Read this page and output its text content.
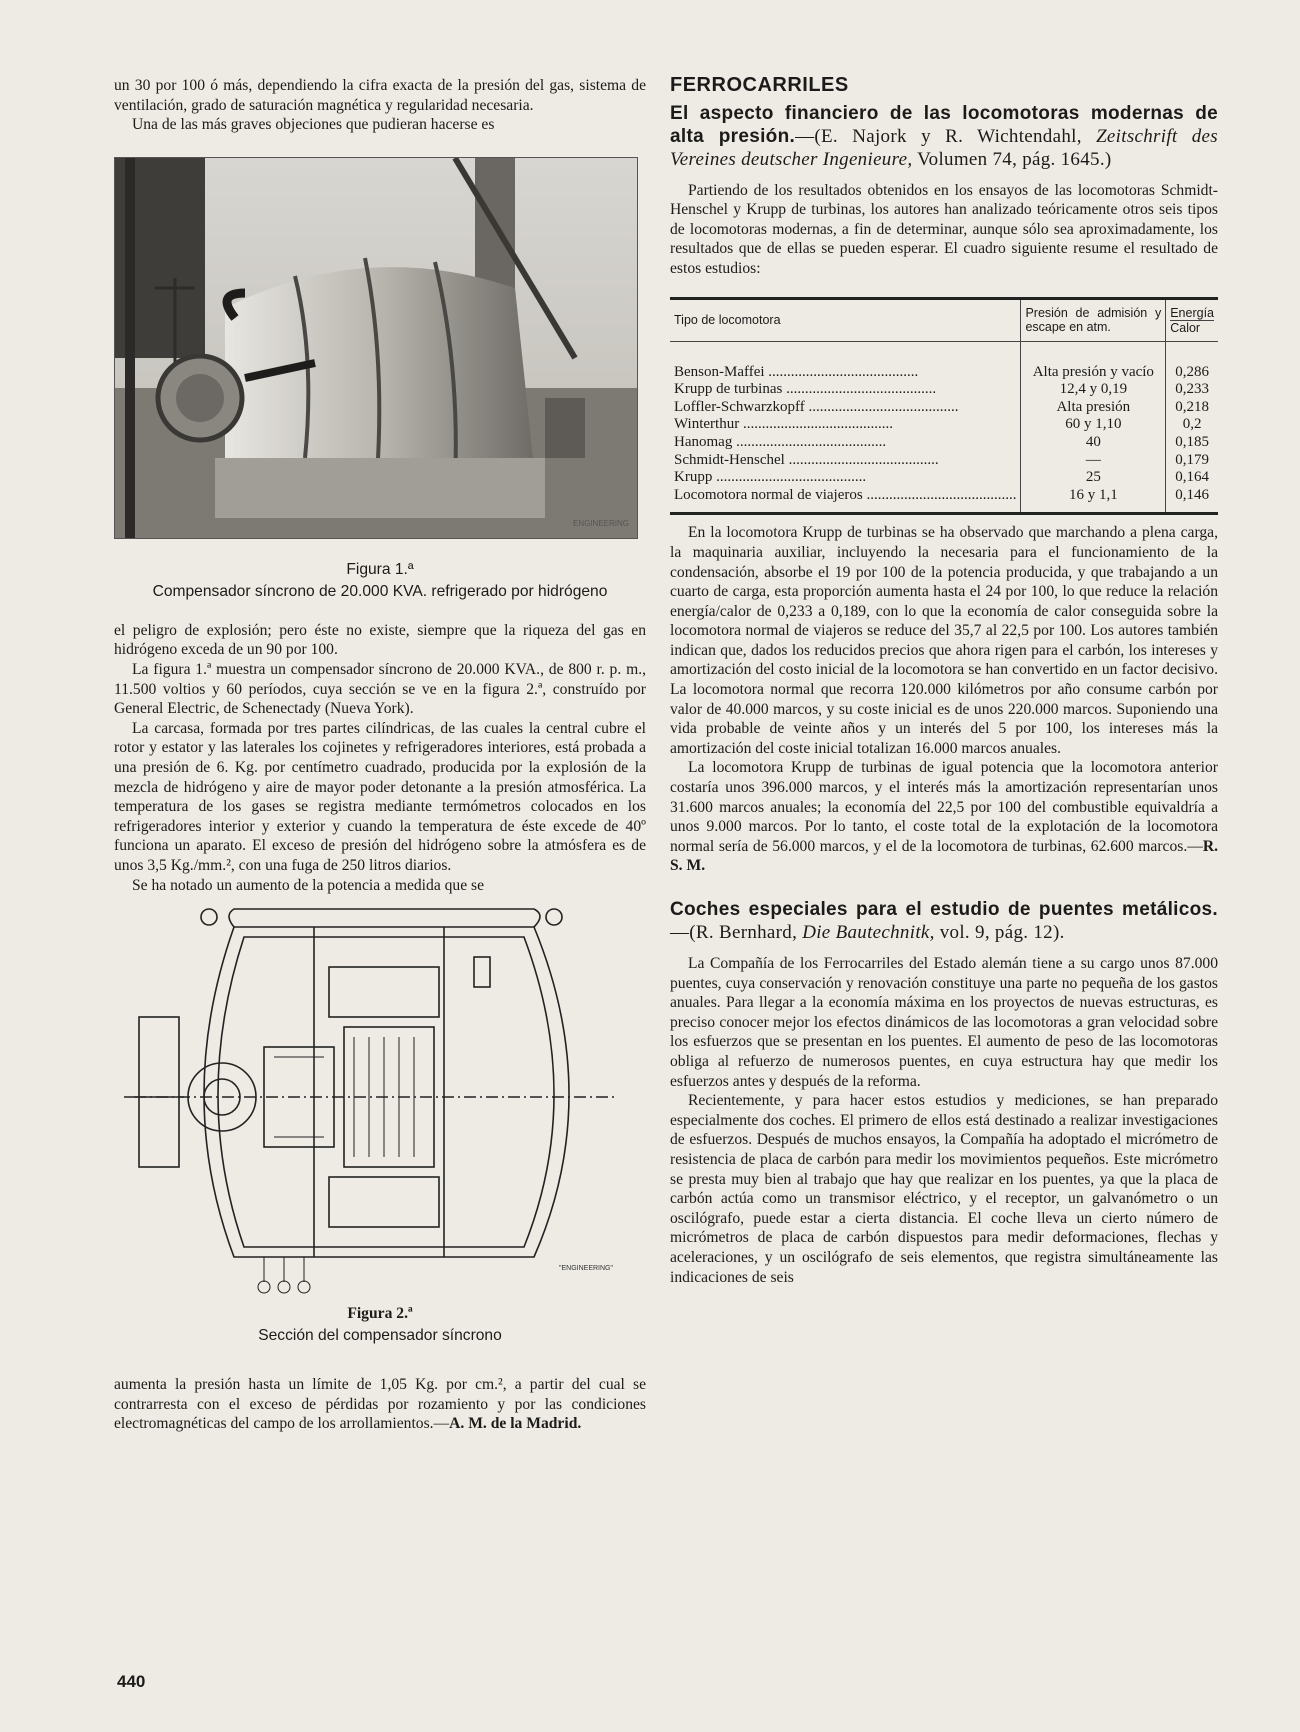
un 30 por 100 ó más, dependiendo la cifra exacta de la presión del gas, sistema de ventilación, grado de saturación magnética y regularidad necesaria.

Una de las más graves objeciones que pudieran hacerse es

ENGINEERING
Figura 1.ª
Compensador síncrono de 20.000 KVA. refrigerado por hidrógeno

el peligro de explosión; pero éste no existe, siempre que la riqueza del gas en hidrógeno exceda de un 90 por 100.

La figura 1.ª muestra un compensador síncrono de 20.000 KVA., de 800 r. p. m., 11.500 voltios y 60 períodos, cuya sección se ve en la figura 2.ª, construído por General Electric, de Schenectady (Nueva York).

La carcasa, formada por tres partes cilíndricas, de las cuales la central cubre el rotor y estator y las laterales los cojinetes y refrigeradores interiores, está probada a una presión de 6. Kg. por centímetro cuadrado, producida por la explosión de la mezcla de hidrógeno y aire de mayor poder detonante a la presión atmosférica. La temperatura de los gases se registra mediante termómetros colocados en los refrigeradores interior y exterior y cuando la temperatura de éste excede de 40º funciona un aparato. El exceso de presión del hidrógeno sobre la atmósfera es de unos 3,5 Kg./mm.², con una fuga de 250 litros diarios.

Se ha notado un aumento de la potencia a medida que se

"ENGINEERING"
Figura 2.ª
Sección del compensador síncrono

aumenta la presión hasta un límite de 1,05 Kg. por cm.², a partir del cual se contrarresta con el exceso de pérdidas por rozamiento y por las condiciones electromagnéticas del campo de los arrollamientos.—A. M. de la Madrid.

FERROCARRILES

El aspecto financiero de las locomotoras modernas de alta presión.—(E. Najork y R. Wichtendahl, Zeitschrift des Vereines deutscher Ingenieure, Volumen 74, pág. 1645.)

Partiendo de los resultados obtenidos en los ensayos de las locomotoras Schmidt-Henschel y Krupp de turbinas, los autores han analizado teóricamente otros seis tipos de locomotoras modernas, a fin de determinar, aunque sólo sea aproximadamente, los resultados que de ellas se pueden esperar. El cuadro siguiente resume el resultado de estos estudios:

Tipo de locomotora	Presión de admisión y escape en atm.	Energía
Calor

Benson-Maffei ........................................	Alta presión y vacío	0,286

Krupp de turbinas ........................................	12,4 y 0,19	0,233

Loffler-Schwarzkopff ........................................	Alta presión	0,218

Winterthur ........................................	60 y 1,10	0,2

Hanomag ........................................	40	0,185

Schmidt-Henschel ........................................	—	0,179

Krupp ........................................	25	0,164

Locomotora normal de viajeros ........................................	16 y 1,1	0,146

En la locomotora Krupp de turbinas se ha observado que marchando a plena carga, la maquinaria auxiliar, incluyendo la necesaria para el funcionamiento de la condensación, absorbe el 19 por 100 de la potencia producida, y que trabajando a un cuarto de carga, esta proporción aumenta hasta el 24 por 100, lo que reduce la relación energía/calor de 0,233 a 0,189, con lo que la economía de calor conseguida sobre la locomotora normal de viajeros se reduce del 35,7 al 22,5 por 100. Los autores también indican que, dados los reducidos precios que ahora rigen para el carbón, los intereses y amortización del costo inicial de la locomotora se han convertido en un factor decisivo. La locomotora normal que recorra 120.000 kilómetros por año consume carbón por valor de 40.000 marcos, y su coste inicial es de unos 220.000 marcos. Suponiendo una vida probable de veinte años y un interés del 5 por 100, los intereses más la amortización del coste inicial totalizan 16.000 marcos anuales.

La locomotora Krupp de turbinas de igual potencia que la locomotora anterior costaría unos 396.000 marcos, y el interés más la amortización representarían unos 31.600 marcos anuales; la economía del 22,5 por 100 del combustible equivaldría a unos 9.000 marcos. Por lo tanto, el coste total de la explotación de la locomotora normal sería de 56.000 marcos, y el de la locomotora de turbinas, 62.600 marcos.—R. S. M.

Coches especiales para el estudio de puentes metálicos.—(R. Bernhard, Die Bautechnitk, vol. 9, pág. 12).

La Compañía de los Ferrocarriles del Estado alemán tiene a su cargo unos 87.000 puentes, cuya conservación y renovación constituye una parte no pequeña de los gastos anuales. Para llegar a la economía máxima en los proyectos de nuevas estructuras, es preciso conocer mejor los efectos dinámicos de las locomotoras a gran velocidad sobre los esfuerzos que se presentan en los puentes. El aumento de peso de las locomotoras obliga al refuerzo de numerosos puentes, en cuya estructura hay que medir los esfuerzos antes y después de la reforma.

Recientemente, y para hacer estos estudios y mediciones, se han preparado especialmente dos coches. El primero de ellos está destinado a realizar investigaciones de esfuerzos. Después de muchos ensayos, la Compañía ha adoptado el micrómetro de resistencia de placa de carbón para medir los movimientos pequeños. Este micrómetro se presta muy bien al trabajo que hay que realizar en los puentes, ya que la placa de carbón actúa como un transmisor eléctrico, y el receptor, un galvanómetro o un oscilógrafo, puede estar a cierta distancia. El coche lleva un cierto número de micrómetros de placa de carbón dispuestos para medir deformaciones, flechas y aceleraciones, y un oscilógrafo de seis elementos, que registra simultáneamente las indicaciones de seis

440
